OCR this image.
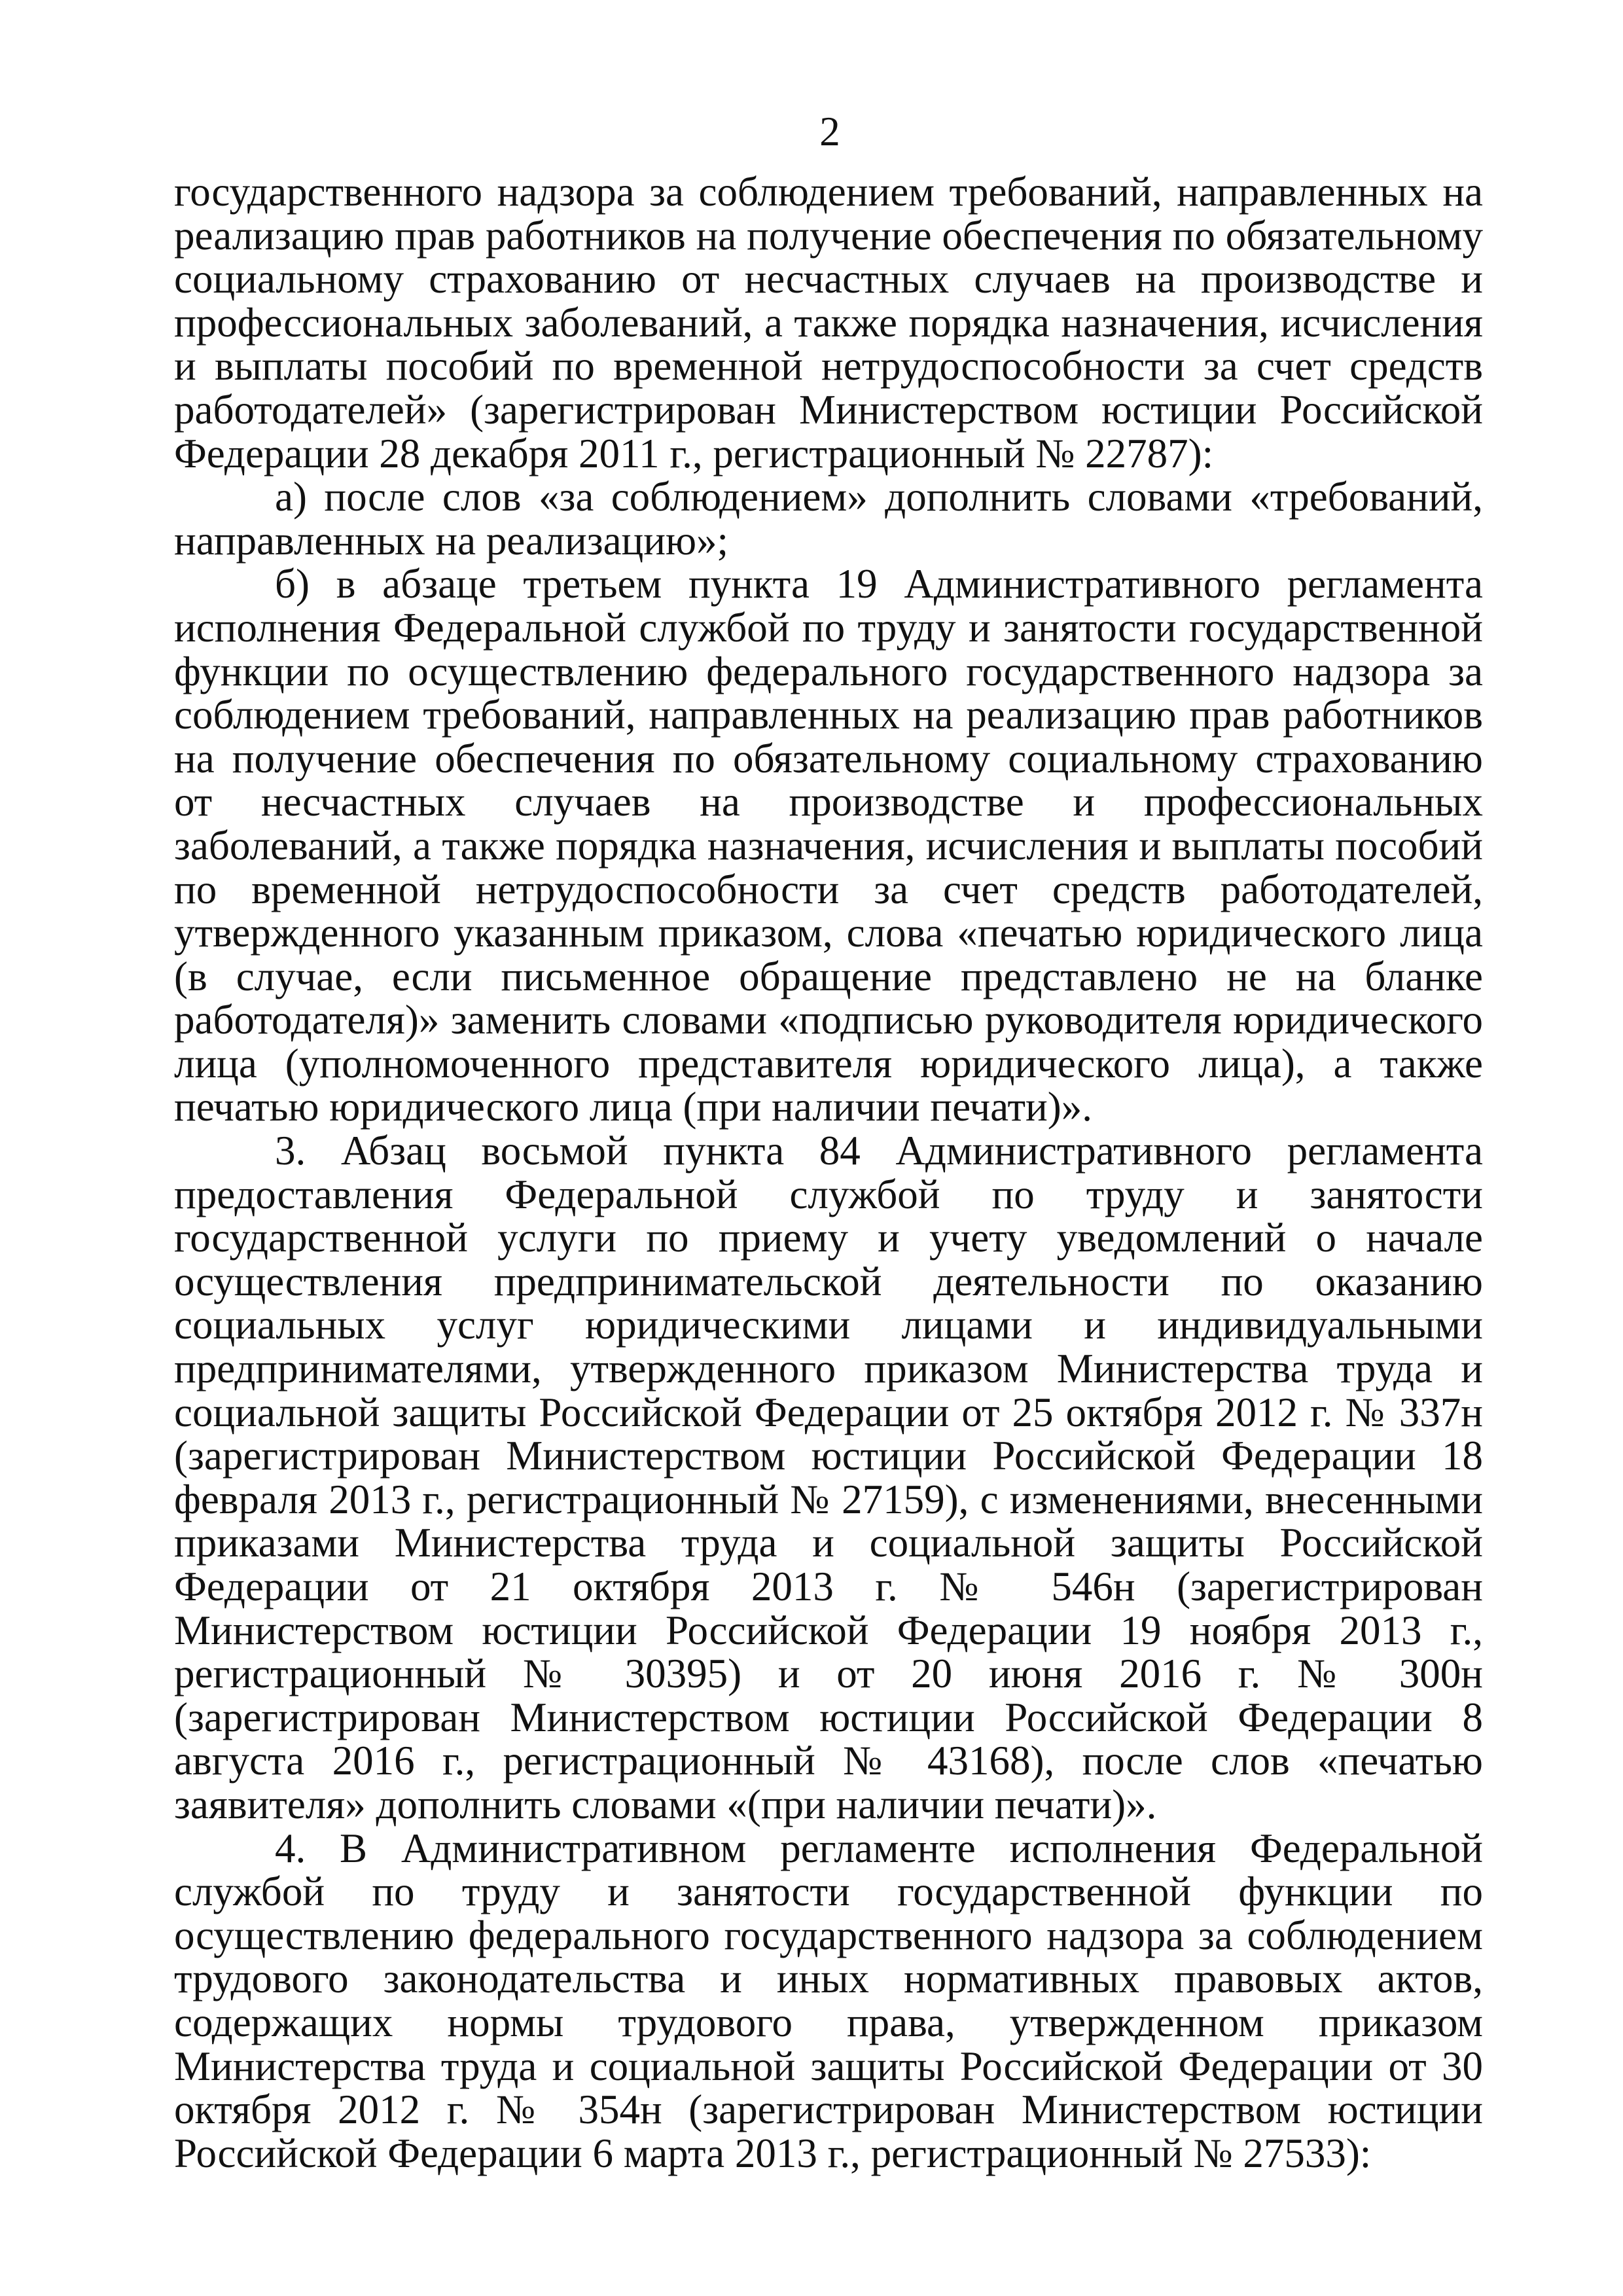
2

государственного надзора за соблюдением требований, направленных на реализацию прав работников на получение обеспечения по обязательному социальному страхованию от несчастных случаев на производстве и профессиональных заболеваний, а также порядка назначения, исчисления и выплаты пособий по временной нетрудоспособности за счет средств работодателей» (зарегистрирован Министерством юстиции Российской Федерации 28 декабря 2011 г., регистрационный № 22787):

а) после слов «за соблюдением» дополнить словами «требований, направленных на реализацию»;

б) в абзаце третьем пункта 19 Административного регламента исполнения Федеральной службой по труду и занятости государственной функции по осуществлению федерального государственного надзора за соблюдением требований, направленных на реализацию прав работников на получение обеспечения по обязательному социальному страхованию от несчастных случаев на производстве и профессиональных заболеваний, а также порядка назначения, исчисления и выплаты пособий по временной нетрудоспособности за счет средств работодателей, утвержденного указанным приказом, слова «печатью юридического лица (в случае, если письменное обращение представлено не на бланке работодателя)» заменить словами «подписью руководителя юридического лица (уполномоченного представителя юридического лица), а также печатью юридического лица (при наличии печати)».

3. Абзац восьмой пункта 84 Административного регламента предоставления Федеральной службой по труду и занятости государственной услуги по приему и учету уведомлений о начале осуществления предпринимательской деятельности по оказанию социальных услуг юридическими лицами и индивидуальными предпринимателями, утвержденного приказом Министерства труда и социальной защиты Российской Федерации от 25 октября 2012 г. № 337н (зарегистрирован Министерством юстиции Российской Федерации 18 февраля 2013 г., регистрационный № 27159), с изменениями, внесенными приказами Министерства труда и социальной защиты Российской Федерации от 21 октября 2013 г. № 546н (зарегистрирован Министерством юстиции Российской Федерации 19 ноября 2013 г., регистрационный № 30395) и от 20 июня 2016 г. № 300н (зарегистрирован Министерством юстиции Российской Федерации 8 августа 2016 г., регистрационный № 43168), после слов «печатью заявителя» дополнить словами «(при наличии печати)».

4. В Административном регламенте исполнения Федеральной службой по труду и занятости государственной функции по осуществлению федерального государственного надзора за соблюдением трудового законодательства и иных нормативных правовых актов, содержащих нормы трудового права, утвержденном приказом Министерства труда и социальной защиты Российской Федерации от 30 октября 2012 г. № 354н (зарегистрирован Министерством юстиции Российской Федерации 6 марта 2013 г., регистрационный № 27533):
